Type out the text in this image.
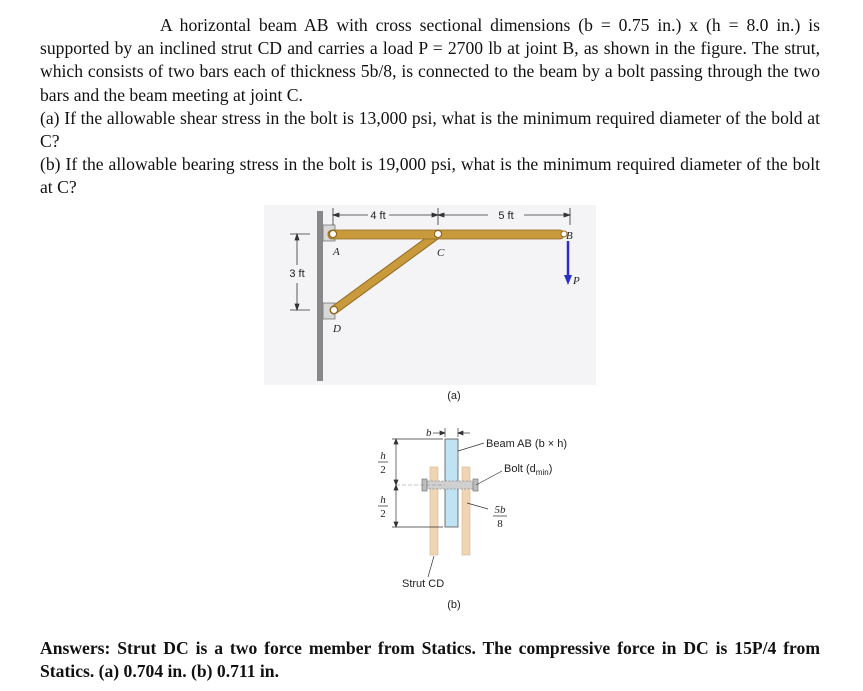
A horizontal beam AB with cross sectional dimensions (b = 0.75 in.) x (h = 8.0 in.) is supported by an inclined strut CD and carries a load P = 2700 lb at joint B, as shown in the figure. The strut, which consists of two bars each of thickness 5b/8, is connected to the beam by a bolt passing through the two bars and the beam meeting at joint C.

(a) If the allowable shear stress in the bolt is 13,000 psi, what is the minimum required diameter of the bold at C?

(b) If the allowable bearing stress in the bolt is 19,000 psi, what is the minimum required diameter of the bolt at C?

4 ft	5 ft
3 ft
A	C
B
D
P
(a)
h
2
h
2
b
Beam AB (b × h)
Bolt $(d_{min})$
5b
8
Strut CD
(b)
Answers: Strut DC is a two force member from Statics. The compressive force in DC is 15P/4 from Statics. (a) 0.704 in. (b) 0.711 in.
